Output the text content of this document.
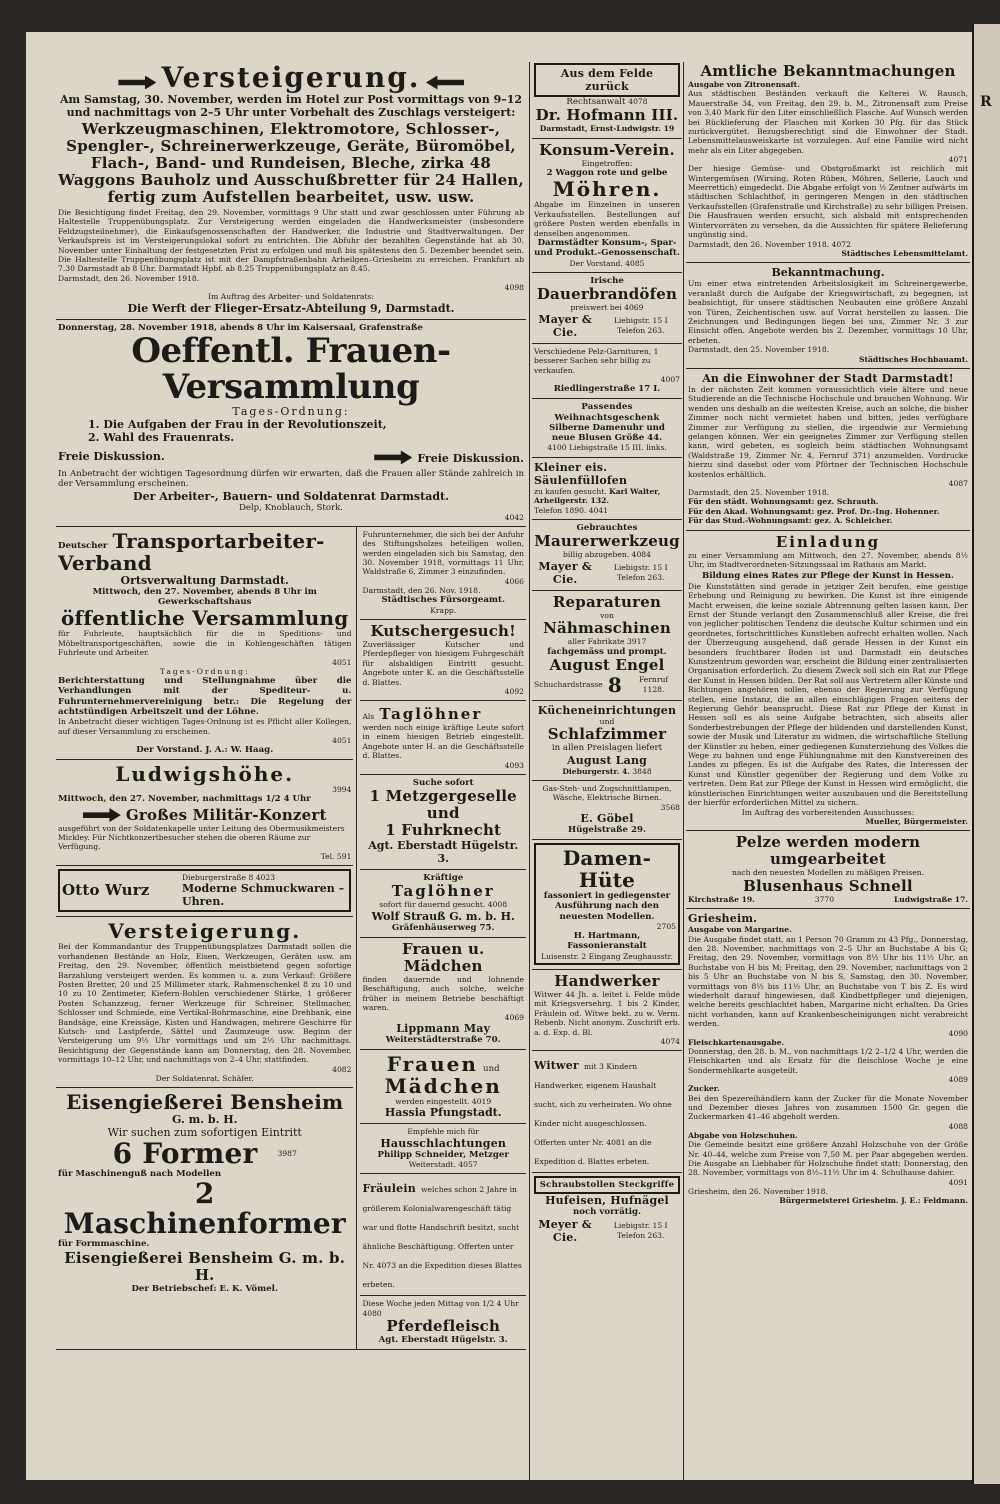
Versteigerung.
Am Samstag, 30. November, werden im Hotel zur Post vormittags von 9–12 und nachmittags von 2–5 Uhr unter Vorbehalt des Zuschlags versteigert:
Werkzeugmaschinen, Elektromotore, Schlosser-, Spengler-, Schreinerwerkzeuge, Geräte, Büromöbel, Flach-, Band- und Rundeisen, Bleche, zirka 48 Waggons Bauholz und Ausschußbretter für 24 Hallen, fertig zum Aufstellen bearbeitet, usw. usw.
Die Besichtigung findet Freitag, den 29. November, vormittags 9 Uhr statt und zwar geschlossen unter Führung ab Haltestelle Truppenübungsplatz. Zur Versteigerung werden eingeladen die Handwerksmeister (insbesondere Feldzugsteilnehmer), die Einkaufsgenossenschaften der Handwerker, die Industrie und Stadtverwaltungen. Der Verkaufspreis ist im Versteigerungslokal sofort zu entrichten. Die Abfuhr der bezahlten Gegenstände hat ab 30. November unter Einhaltung der festgesetzten Frist zu erfolgen und muß bis spätestens den 5. Dezember beendet sein. Die Haltestelle Truppenübungsplatz ist mit der Dampfstraßenbahn Arheilgen–Griesheim zu erreichen. Frankfurt ab 7.30 Darmstadt ab 8 Uhr. Darmstadt Hpbf. ab 8.25 Truppenübungsplatz an 8.45.
Darmstadt, den 26. November 1918.
4098
Im Auftrag des Arbeiter- und Soldatenrats:
Die Werft der Flieger-Ersatz-Abteilung 9, Darmstadt.
Donnerstag, 28. November 1918, abends 8 Uhr im Kaisersaal, Grafenstraße
Oeffentl. Frauen-Versammlung
Tages-Ordnung:
1. Die Aufgaben der Frau in der Revolutionszeit,
2. Wahl des Frauenrats.
Freie Diskussion.	Freie Diskussion.
In Anbetracht der wichtigen Tagesordnung dürfen wir erwarten, daß die Frauen aller Stände zahlreich in der Versammlung erscheinen.
Der Arbeiter-, Bauern- und Soldatenrat Darmstadt.
Delp, Knoblauch, Stork.
4042
Deutscher Transportarbeiter-Verband
Ortsverwaltung Darmstadt.
Mittwoch, den 27. November, abends 8 Uhr im Gewerkschaftshaus
öffentliche Versammlung
für Fuhrleute, hauptsächlich für die in Speditions- und Möbeltransportgeschäften, sowie die in Kohlengeschäften tätigen Fuhrleute und Arbeiter.
4051
Tages-Ordnung:
Berichterstattung und Stellungnahme über die Verhandlungen mit der Spediteur- u. Fuhrunternehmervereinigung betr.: Die Regelung der achtstündigen Arbeitszeit und der Löhne.
In Anbetracht dieser wichtigen Tages-Ordnung ist es Pflicht aller Kollegen, auf dieser Versammlung zu erscheinen.
4051
Der Vorstand. J. A.: W. Haag.
Ludwigshöhe.
3994
Mittwoch, den 27. November, nachmittags 1/2 4 Uhr
Großes Militär-Konzert
ausgeführt von der Soldatenkapelle unter Leitung des Obermusikmeisters Mickley. Für Nichtkonzertbesucher stehen die oberen Räume zur Verfügung.
Tel. 591
Otto Wurz
Dieburgerstraße 8 4023
Moderne Schmuckwaren – Uhren.
Versteigerung.
Bei der Kommandantur des Truppenübungsplatzes Darmstadt sollen die vorhandenen Bestände an Holz, Eisen, Werkzeugen, Geräten usw. am Freitag, den 29. November, öffentlich meistbietend gegen sofortige Barzahlung versteigert werden. Es kommen u. a. zum Verkauf: Größere Posten Bretter, 20 und 25 Millimeter stark, Rahmenschenkel 8 zu 10 und 10 zu 10 Zentimeter, Kiefern-Bohlen verschiedener Stärke, 1 größerer Posten Schanzzeug, ferner Werkzeuge für Schreiner, Stellmacher, Schlosser und Schmiede, eine Vertikal-Bohrmaschine, eine Drehbank, eine Bandsäge, eine Kreissäge, Kisten und Handwagen, mehrere Geschirre für Kutsch- und Lastpferde, Sättel und Zaumzeuge usw. Beginn der Versteigerung um 9½ Uhr vormittags und um 2½ Uhr nachmittags. Besichtigung der Gegenstände kann am Donnerstag, den 28. November, vormittags 10–12 Uhr, und nachmittags von 2–4 Uhr, stattfinden.
4082
Der Soldatenrat. Schäfer.
Eisengießerei Bensheim
G. m. b. H.
Wir suchen zum sofortigen Eintritt
6 Former	3987
für Maschinenguß nach Modellen
2 Maschinenformer
für Formmaschine.
Eisengießerei Bensheim G. m. b. H.
Der Betriebschef: E. K. Vömel.
Fuhrunternehmer, die sich bei der Anfuhr des Stiftungsholzes beteiligen wollen, werden eingeladen sich bis Samstag, den 30. November 1918, vormittags 11 Uhr, Waldstraße 6, Zimmer 3 einzufinden.
4066
Darmstadt, den 26. Nov. 1918.
Städtisches Fürsorgeamt.
Krapp.
Kutschergesuch!
Zuverlässiger Kutscher und Pferdepfleger von hiesigem Fuhrgeschäft für alsbaldigen Eintritt gesucht. Angebote unter K. an die Geschäftsstelle d. Blattes.
4092
Als Taglöhner
werden noch einige kräftige Leute sofort in einem hiesigen Betrieb eingestellt. Angebote unter H. an die Geschäftsstelle d. Blattes.
4093
Suche sofort
1 Metzgergeselle und
1 Fuhrknecht
Agt. Eberstadt Hügelstr. 3.
Kräftige
Taglöhner
sofort für dauernd gesucht. 4008
Wolf Strauß G. m. b. H.
Gräfenhäuserweg 75.
Frauen u. Mädchen
finden dauernde und lohnende Beschäftigung, auch solche, welche früher in meinem Betriebe beschäftigt waren.
4069
Lippmann May
Weiterstädterstraße 70.
Frauen und
Mädchen
werden eingestellt. 4019
Hassia Pfungstadt.
Empfehle mich für
Hausschlachtungen
Philipp Schneider, Metzger
Weiterstadt. 4057
Fräulein welches schon 2 Jahre in größerem Kolonialwarengeschäft tätig war und flotte Handschrift besitzt, sucht ähnliche Beschäftigung. Offerten unter Nr. 4073 an die Expedition dieses Blattes erbeten.
Diese Woche jeden Mittag von 1/2 4 Uhr 4080
Pferdefleisch
Agt. Eberstadt Hügelstr. 3.
Aus dem Felde zurück
Rechtsanwalt 4078
Dr. Hofmann III.
Darmstadt, Ernst-Ludwigstr. 19
Konsum-Verein.
Eingetroffen:
2 Waggon rote und gelbe
Möhren.
Abgabe im Einzelnen in unseren Verkaufsstellen. Bestellungen auf größere Posten werden ebenfalls in denselben angenommen.
Darmstädter Konsum-, Spar- und Produkt.-Genossenschaft.
Der Vorstand. 4085
Irische
Dauerbrandöfen
preiswert bei 4069
Mayer & Cie.

Liebigstr. 15 I Telefon 263.
Verschiedene Pelz-Garnituren, 1 besserer Sachen sehr billig zu verkaufen.
4007
Riedlingerstraße 17 I.
Passendes Weihnachtsgeschenk
Silberne Damenuhr und
neue Blusen Größe 44.
4100 Liebigstraße 15 III. links.
Kleiner eis. Säulenfüllofen
zu kaufen gesucht. Karl Walter, Arheilgerstr. 132.
Telefon 1890. 4041
Gebrauchtes
Maurerwerkzeug
billig abzugeben. 4084
Mayer & Cie.

Liebigstr. 15 I Telefon 263.
Reparaturen
von
Nähmaschinen
aller Fabrikate 3917
fachgemäss und prompt.
August Engel
Schuchardstrasse
8
	Fernruf 1128.
Kücheneinrichtungen
und
Schlafzimmer
in allen Preislagen liefert
August Lang
Dieburgerstr. 4. 3848
Gas-Steh- und Zugschnittlampen, Wäsche, Elektrische Birnen.
3568
E. Göbel
Hügelstraße 29.
Damen-Hüte
fassoniert in gediegenster Ausführung nach den neuesten Modellen.
2705
H. Hartmann, Fassonieranstalt
Luisenstr. 2 Eingang Zeughausstr.
Handwerker
Witwer 44 Jh. a. leitet i. Felde müde mit Kriegsversehrg. 1 bis 2 Kinder, Fräulein od. Witwe bekt. zu w. Verm. Rebenb. Nicht anonym. Zuschrift erb. a. d. Exp. d. Bl.
4074
Witwer mit 3 Kindern Handwerker, eigenem Haushalt sucht, sich zu verheiraten. Wo ohne Kinder nicht ausgeschlossen. Offerten unter Nr. 4081 an die Expedition d. Blattes erbeten.
Schraubstollen Steckgriffe
Hufeisen, Hufnägel
noch vorrätig.
Meyer & Cie.

Liebigstr. 15 I Telefon 263.
Amtliche Bekanntmachungen
Ausgabe von Zitronensaft.
Aus städtischen Beständen verkauft die Kelterei W. Rausch, Mauerstraße 34, von Freitag, den 29. b. M., Zitronensaft zum Preise von 3,40 Mark für den Liter einschließlich Flasche. Auf Wunsch werden bei Rücklieferung der Flaschen mit Korken 30 Pfg. für das Stück zurückvergütet. Bezugsberechtigt sind die Einwohner der Stadt. Lebensmittelausweiskarte ist vorzulegen. Auf eine Familie wird nicht mehr als ein Liter abgegeben.
4071
Der hiesige Gemüse- und Obstgroßmarkt ist reichlich mit Wintergemüsen (Wirsing, Roten Rüben, Möhren, Sellerie, Lauch und Meerrettich) eingedeckt. Die Abgabe erfolgt von ½ Zentner aufwärts im städtischen Schlachthof, in geringeren Mengen in den städtischen Verkaufsstellen (Grafenstraße und Kirchstraße) zu sehr billigen Preisen. Die Hausfrauen werden ersucht, sich alsbald mit entsprechenden Wintervorräten zu versehen, da die Aussichten für spätere Belieferung ungünstig sind.
Darmstadt, den 26. November 1918. 4072
Städtisches Lebensmittelamt.
Bekanntmachung.
Um einer etwa eintretenden Arbeitslosigkeit im Schreinergewerbe, veranlaßt durch die Aufgabe der Kriegswirtschaft, zu begegnen, ist beabsichtigt, für unsere städtischen Neubauten eine größere Anzahl von Türen, Zeichentischen usw. auf Vorrat herstellen zu lassen. Die Zeichnungen und Bedingungen liegen bei uns, Zimmer Nr. 3 zur Einsicht offen. Angebote werden bis 2. Dezember, vormittags 10 Uhr, erbeten.
Darmstadt, den 25. November 1918.
Städtisches Hochbauamt.
An die Einwohner der Stadt Darmstadt!
In der nächsten Zeit kommen voraussichtlich viele ältere und neue Studierende an die Technische Hochschule und brauchen Wohnung. Wir wenden uns deshalb an die weitesten Kreise, auch an solche, die bisher Zimmer noch nicht vermietet haben und bitten, jedes verfügbare Zimmer zur Verfügung zu stellen, die irgendwie zur Vermietung gelangen können. Wer ein geeignetes Zimmer zur Verfügung stellen kann, wird gebeten, es sogleich beim städtischen Wohnungsamt (Waldstraße 19, Zimmer Nr. 4, Fernruf 371) anzumelden. Vordrucke hierzu sind dasebst oder vom Pförtner der Technischen Hochschule kostenlos erhältlich.
4087
Darmstadt, den 25. November 1918.
Für den städt. Wohnungsamt: gez. Schrauth.
Für den Akad. Wohnungsamt: gez. Prof. Dr.-Ing. Hohenner.
Für das Stud.-Wohnungsamt: gez. A. Schleicher.
Einladung
zu einer Versammlung am Mittwoch, den 27. November, abends 8½ Uhr, im Stadtverordneten-Sitzungssaal im Rathaus am Markt.
Bildung eines Rates zur Pflege der Kunst in Hessen.
Die Kunststätten sind gerade in jetziger Zeit berufen, eine geistige Erhebung und Reinigung zu bewirken. Die Kunst ist ihre einigende Macht erweisen, die keine soziale Abtrennung gelten lassen kann. Der Ernst der Stunde verlangt den Zusammenschluß aller Kreise, die frei von jeglicher politischen Tendenz die deutsche Kultur schirmen und ein geordnetes, fortschrittliches Kunstleben aufrecht erhalten wollen. Nach der Überzeugung ausgehend, daß gerade Hessen in der Kunst ein besonders fruchtbarer Boden ist und Darmstadt ein deutsches Kunstzentrum geworden war, erscheint die Bildung einer zentralisierten Organisation erforderlich. Zu diesem Zweck soll sich ein Rat zur Pflege der Kunst in Hessen bilden. Der Rat soll aus Vertretern aller Künste und Richtungen angehören sollen, ebenso der Regierung zur Verfügung stellen, eine Instanz, die an allen einschlägigen Fragen seitens der Regierung Gehör beansprucht. Diese Rat zur Pflege der Kunst in Hessen soll es als seine Aufgabe betrachten, sich abseits aller Sonderbestrebungen der Pflege der bildenden und darstellenden Kunst, sowie der Musik und Literatur zu widmen, die wirtschaftliche Stellung der Künstler zu heben, einer gediegenen Kunsterziehung des Volkes die Wege zu bahnen und enge Fühlungnahme mit den Kunstvereinen des Landes zu pflegen. Es ist die Aufgabe des Rates, die Interessen der Kunst und Künstler gegenüber der Regierung und dem Volke zu vertreten. Dem Rat zur Pflege der Kunst in Hessen wird ermöglicht, die künstlerischen Einrichtungen weiter auszubauen und die Bereitstellung der hierfür erforderlichen Mittel zu sichern.
Im Auftrag des vorbereitenden Ausschusses:
Mueller, Bürgermeister.
Pelze werden modern umgearbeitet
nach den neuesten Modellen zu mäßigen Preisen.
Blusenhaus Schnell
Kirchstraße 19.	3770	Ludwigstraße 17.
Griesheim.
Ausgabe von Margarine.
Die Ausgabe findet statt, an 1 Person 70 Gramm zu 43 Pfg., Donnerstag, den 28. November, nachmittags von 2–5 Uhr an Buchstabe A bis G; Freitag, den 29. November, vormittags von 8½ Uhr bis 11½ Uhr, an Buchstabe von H bis M; Freitag, den 29. November, nachmittags von 2 bis 5 Uhr an Buchstabe von N bis S, Samstag, den 30. November, vormittags von 8½ bis 11½ Uhr, an Buchstabe von T bis Z. Es wird wiederholt darauf hingewiesen, daß Kindbettpfleger und diejenigen, welche bereits geschlachtet haben, Margarine nicht erhalten. Da Gries nicht vorhanden, kann auf Krankenbescheinigungen nicht verabreicht werden.
4090
Fleischkartenausgabe.
Donnerstag, den 28. b. M., von nachmittags 1/2 2–1/2 4 Uhr, werden die Fleischkarten und als Ersatz für die fleischlose Woche je eine Sondermehlkarte ausgeteilt.
4089
Zucker.
Bei den Spezereihändlern kann der Zucker für die Monate November und Dezember dieses Jahres von zusammen 1500 Gr. gegen die Zuckermarken 41–46 abgeholt werden.
4088
Abgabe von Holzschuhen.
Die Gemeinde besitzt eine größere Anzahl Holzschuhe von der Größe Nr. 40–44, welche zum Preise von 7,50 M. per Paar abgegeben werden. Die Ausgabe an Liebhaber für Holzschuhe findet statt: Donnerstag, den 28. November, vormittags von 8½–11½ Uhr im 4. Schulhause dahier.
4091
Griesheim, den 26. November 1918.
Bürgermeisterei Griesheim. J. E.: Feldmann.
R
